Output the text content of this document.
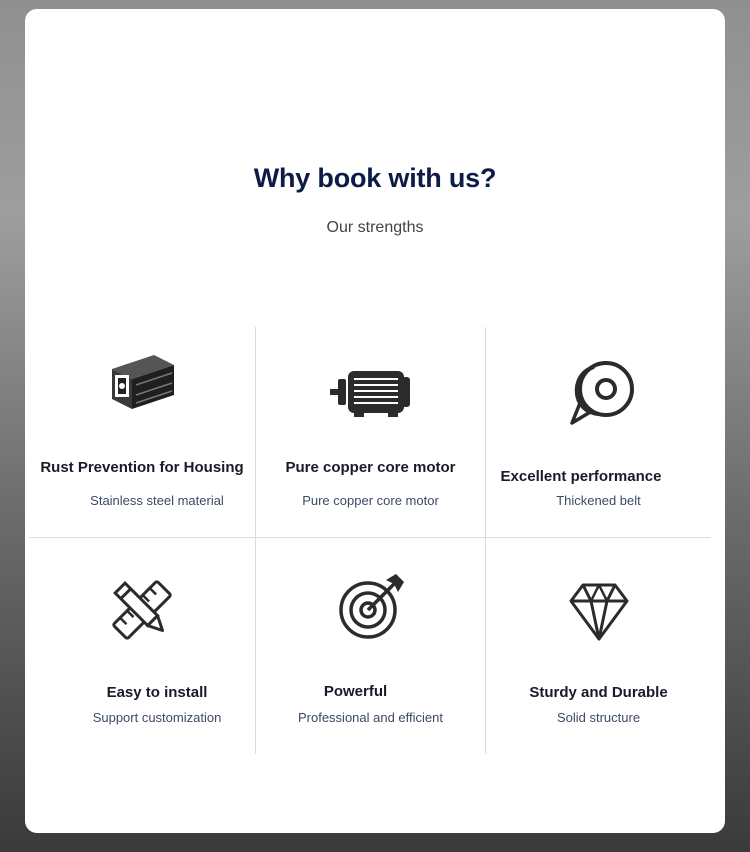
Why book with us?

Our strengths

Rust Prevention for Housing
Stainless steel material
Pure copper core motor
Pure copper core motor
Excellent performance
Thickened belt
Easy to install
Support customization
Powerful
Professional and efficient
Sturdy and Durable
Solid structure
